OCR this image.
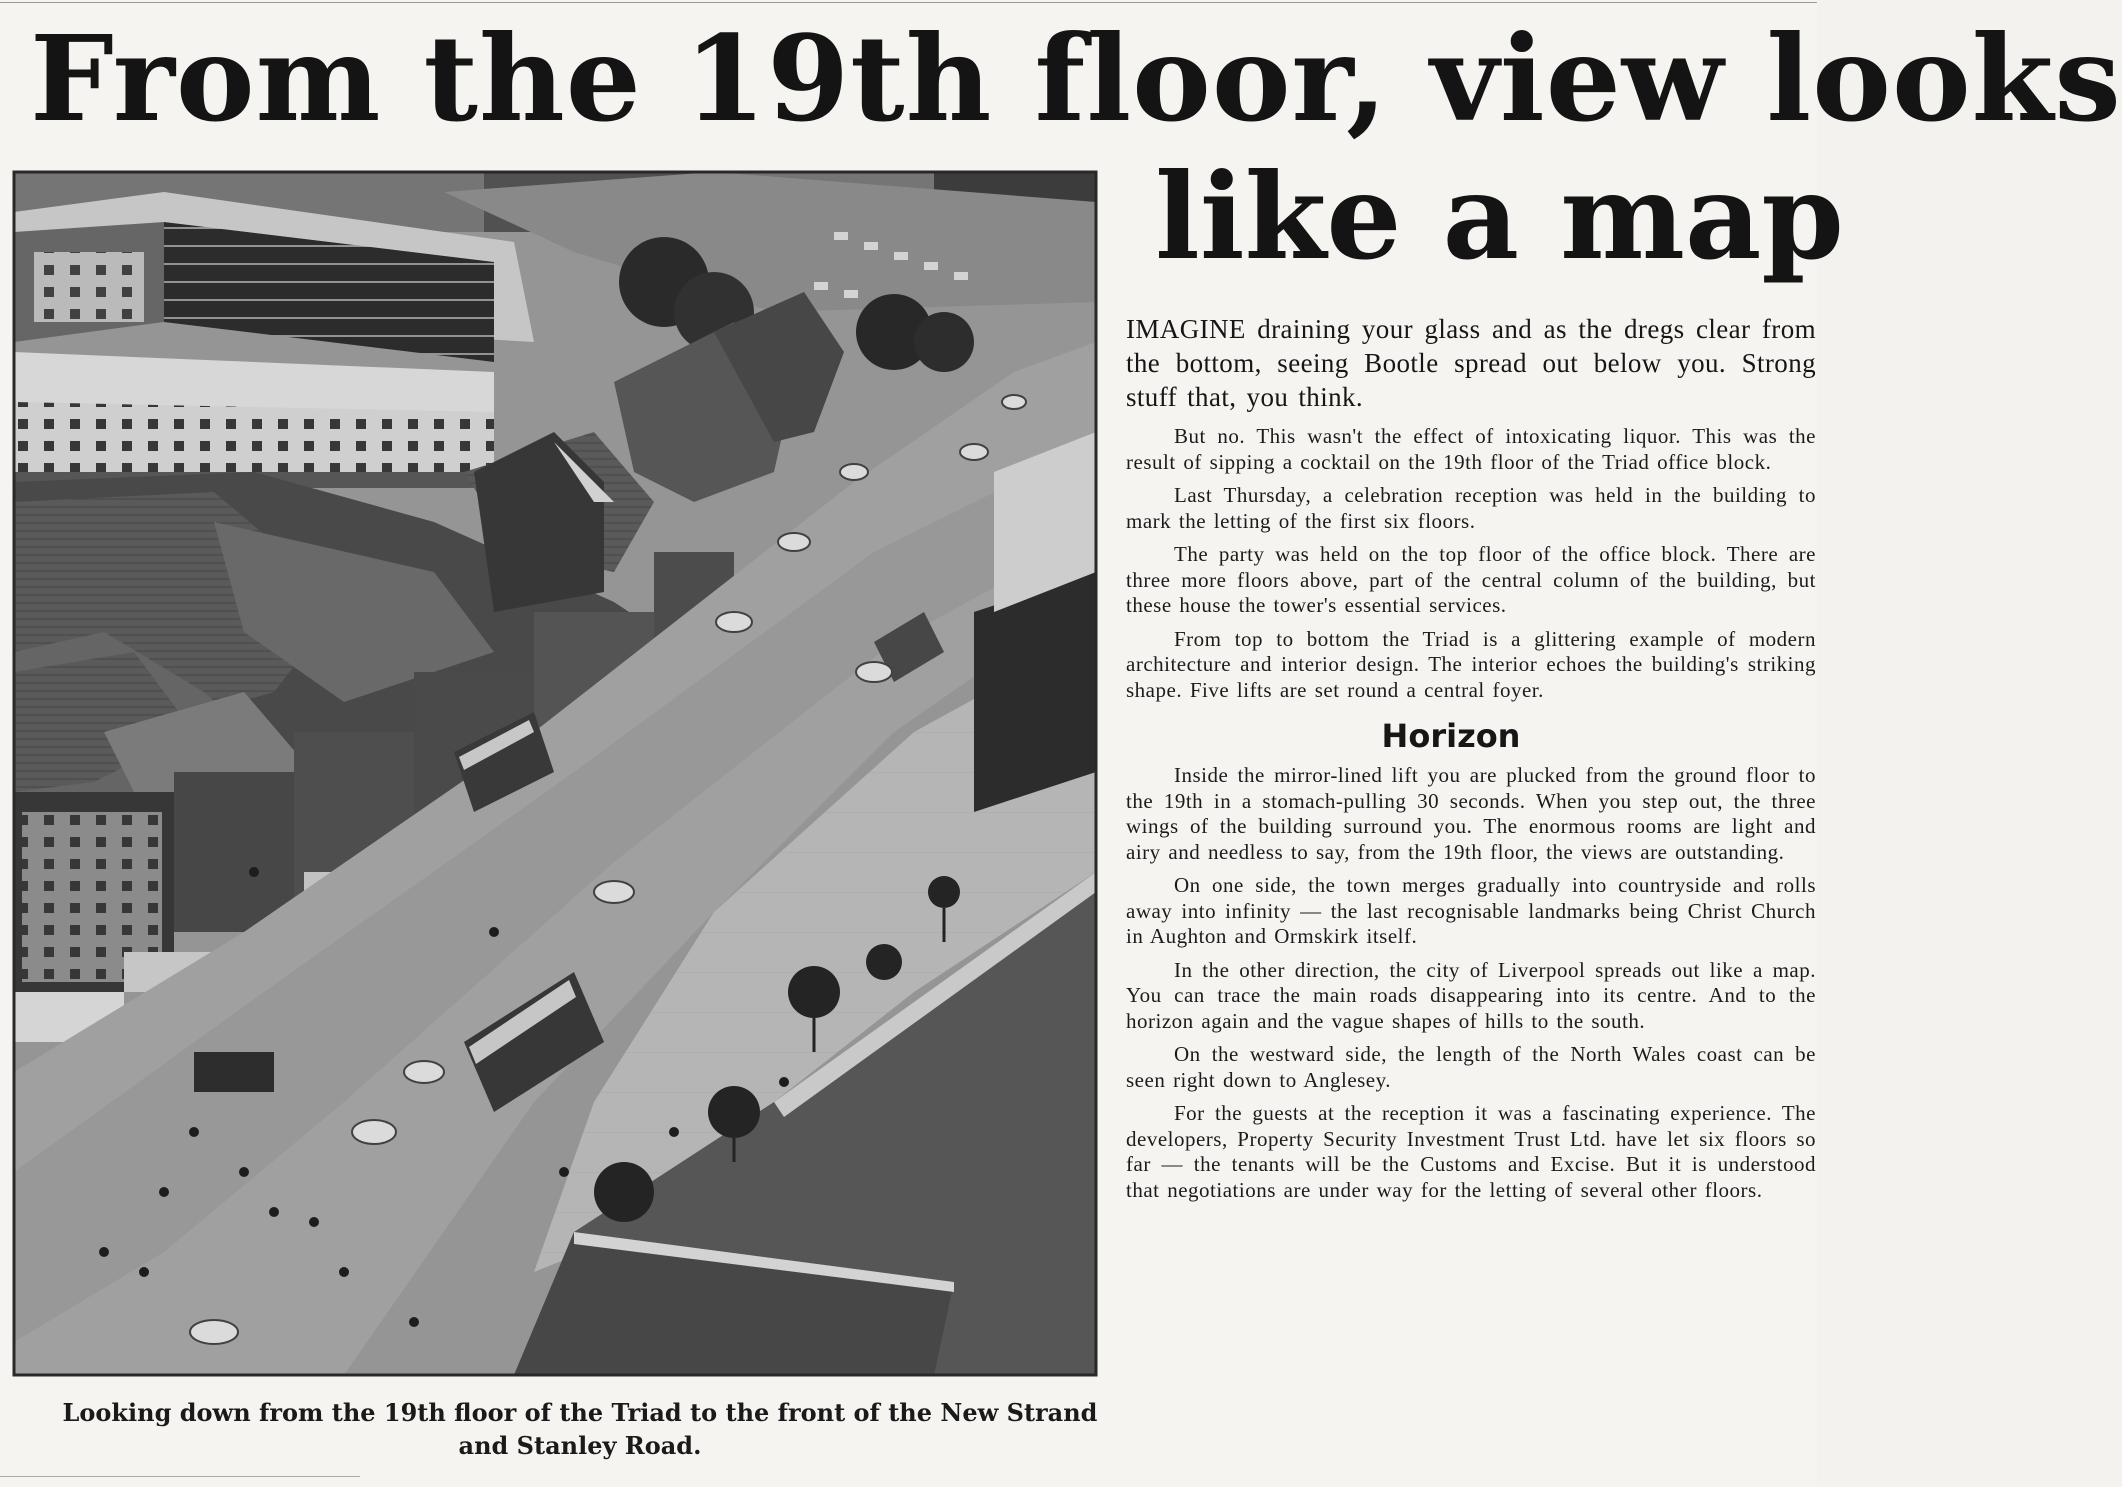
From the 19th floor, view looks
like a map

Looking down from the 19th floor of the Triad to the front of the New Strand and Stanley Road.

IMAGINE draining your glass and as the dregs clear from the bottom, seeing Bootle spread out below you. Strong stuff that, you think.

But no. This wasn't the effect of intoxicating liquor. This was the result of sipping a cocktail on the 19th floor of the Triad office block.

Last Thursday, a celebration reception was held in the building to mark the letting of the first six floors.

The party was held on the top floor of the office block. There are three more floors above, part of the central column of the building, but these house the tower's essential services.

From top to bottom the Triad is a glittering example of modern architecture and interior design. The interior echoes the building's striking shape. Five lifts are set round a central foyer.

Horizon

Inside the mirror-lined lift you are plucked from the ground floor to the 19th in a stomach-pulling 30 seconds. When you step out, the three wings of the building surround you. The enormous rooms are light and airy and needless to say, from the 19th floor, the views are outstanding.

On one side, the town merges gradually into countryside and rolls away into infinity — the last recognisable landmarks being Christ Church in Aughton and Ormskirk itself.

In the other direction, the city of Liverpool spreads out like a map. You can trace the main roads disappearing into its centre. And to the horizon again and the vague shapes of hills to the south.

On the westward side, the length of the North Wales coast can be seen right down to Anglesey.

For the guests at the reception it was a fascinating experience. The developers, Property Security Investment Trust Ltd. have let six floors so far — the tenants will be the Customs and Excise. But it is understood that negotiations are under way for the letting of several other floors.
